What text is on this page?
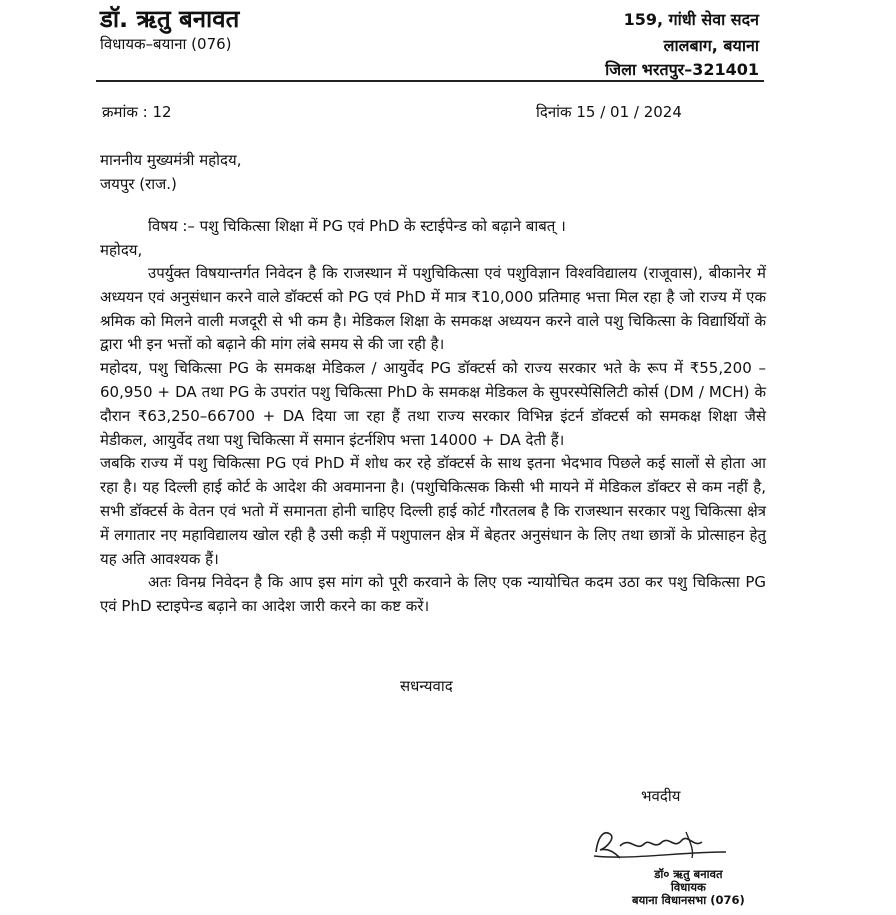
डॉ. ऋतु बनावत
विधायक–बयाना (076)
159, गांधी सेवा सदन
लालबाग, बयाना
जिला भरतपुर–321401
क्रमांक : 12	दिनांक 15 / 01 / 2024
माननीय मुख्यमंत्री महोदय,
जयपुर (राज.)
विषय :– पशु चिकित्सा शिक्षा में PG एवं PhD के स्टाईपेन्ड को बढ़ाने बाबत् ।
महोदय,

उपर्युक्त विषयान्तर्गत निवेदन है कि राजस्थान में पशुचिकित्सा एवं पशुविज्ञान विश्वविद्यालय (राजूवास), बीकानेर में अध्ययन एवं अनुसंधान करने वाले डॉक्टर्स को PG एवं PhD में मात्र ₹10,000 प्रतिमाह भत्ता मिल रहा है जो राज्य में एक श्रमिक को मिलने वाली मजदूरी से भी कम है। मेडिकल शिक्षा के समकक्ष अध्ययन करने वाले पशु चिकित्सा के विद्यार्थियों के द्वारा भी इन भत्तों को बढ़ाने की मांग लंबे समय से की जा रही है।

महोदय, पशु चिकित्सा PG के समकक्ष मेडिकल / आयुर्वेद PG डॉक्टर्स को राज्य सरकार भते के रूप में ₹55,200 – 60,950 + DA तथा PG के उपरांत पशु चिकित्सा PhD के समकक्ष मेडिकल के सुपरस्पेसिलिटी कोर्स (DM / MCH) के दौरान ₹63,250–66700 + DA दिया जा रहा हैं तथा राज्य सरकार विभिन्न इंटर्न डॉक्टर्स को समकक्ष शिक्षा जैसे मेडीकल, आयुर्वेद तथा पशु चिकित्सा में समान इंटर्नशिप भत्ता 14000 + DA देती हैं।

जबकि राज्य में पशु चिकित्सा PG एवं PhD में शोध कर रहे डॉक्टर्स के साथ इतना भेदभाव पिछले कई सालों से होता आ रहा है। यह दिल्ली हाई कोर्ट के आदेश की अवमानना है। (पशुचिकित्सक किसी भी मायने में मेडिकल डॉक्टर से कम नहीं है, सभी डॉक्टर्स के वेतन एवं भतो में समानता होनी चाहिए दिल्ली हाई कोर्ट गौरतलब है कि राजस्थान सरकार पशु चिकित्सा क्षेत्र में लगातार नए महाविद्यालय खोल रही है उसी कड़ी में पशुपालन क्षेत्र में बेहतर अनुसंधान के लिए तथा छात्रों के प्रोत्साहन हेतु यह अति आवश्यक हैं।

अतः विनम्र निवेदन है कि आप इस मांग को पूरी करवाने के लिए एक न्यायोचित कदम उठा कर पशु चिकित्सा PG एवं PhD स्टाइपेन्ड बढ़ाने का आदेश जारी करने का कष्ट करें।

सधन्यवाद
भवदीय
डॉ० ऋतु बनावत
विधायक
बयाना विधानसभा (076)
